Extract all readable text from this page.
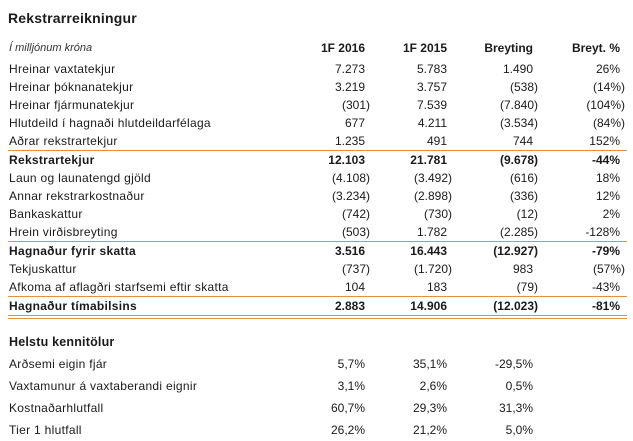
Rekstrarreikningur
Í milljónum króna	1F 2016	1F 2015	Breyting	Breyt. %
Hreinar vaxtatekjur	7.273	5.783	1.490	26%
Hreinar þóknanatekjur	3.219	3.757	(538)	(14%)
Hreinar fjármunatekjur	(301)	7.539	(7.840)	(104%)
Hlutdeild í hagnaði hlutdeildarfélaga	677	4.211	(3.534)	(84%)
Aðrar rekstrartekjur	1.235	491	744	152%
Rekstrartekjur	12.103	21.781	(9.678)	-44%
Laun og launatengd gjöld	(4.108)	(3.492)	(616)	18%
Annar rekstrarkostnaður	(3.234)	(2.898)	(336)	12%
Bankaskattur	(742)	(730)	(12)	2%
Hrein virðisbreyting	(503)	1.782	(2.285)	-128%
Hagnaður fyrir skatta	3.516	16.443	(12.927)	-79%
Tekjuskattur	(737)	(1.720)	983	(57%)
Afkoma af aflagðri starfsemi eftir skatta	104	183	(79)	-43%
Hagnaður tímabilsins	2.883	14.906	(12.023)	-81%
Helstu kennitölur
Arðsemi eigin fjár	5,7%	35,1%	-29,5%	
Vaxtamunur á vaxtaberandi eignir	3,1%	2,6%	0,5%	
Kostnaðarhlutfall	60,7%	29,3%	31,3%	
Tier 1 hlutfall	26,2%	21,2%	5,0%	
